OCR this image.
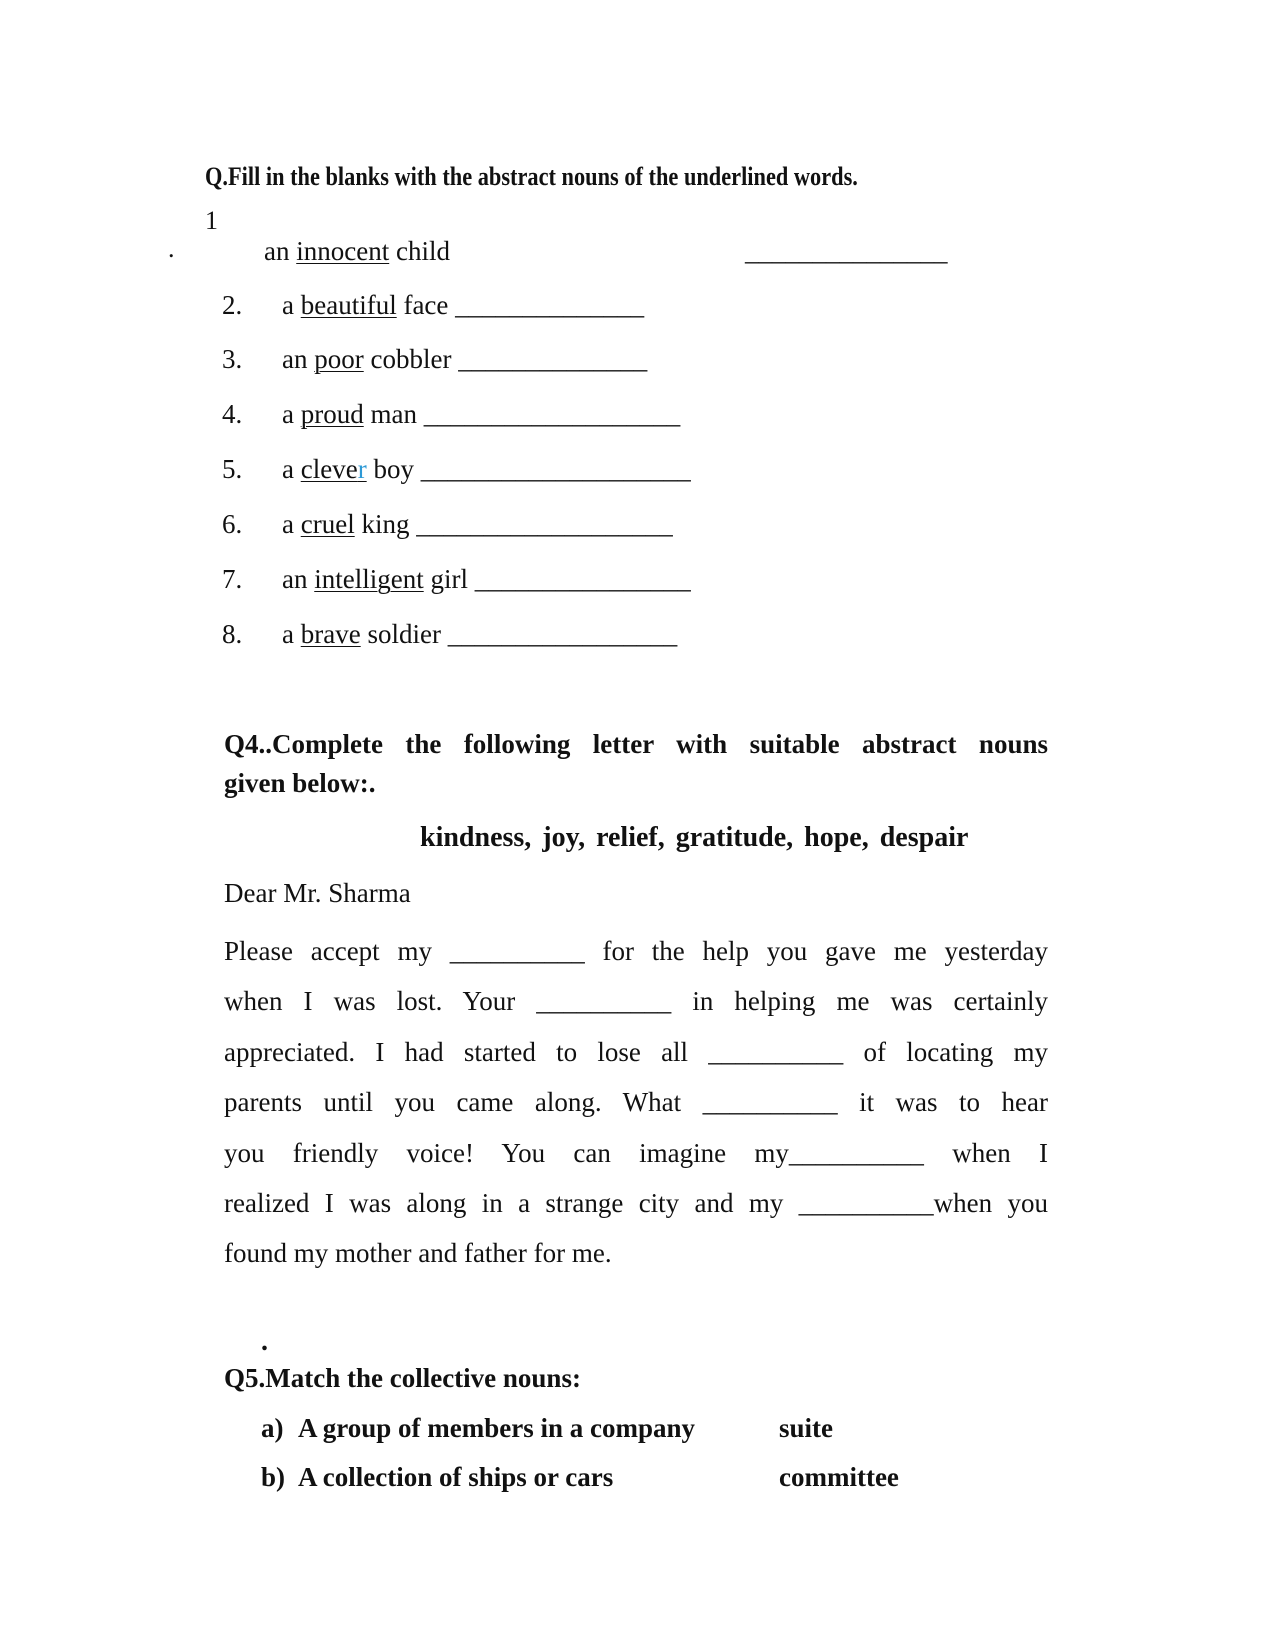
Q.Fill in the blanks with the abstract nouns of the underlined words.
1
.	an innocent child	_______________
2. a beautiful face ______________
3. an poor cobbler ______________
4. a proud man ___________________
5. a clever boy ____________________
6. a cruel king ___________________
7. an intelligent girl ________________
8. a brave soldier _________________
Q4..Complete the following letter with suitable abstract nouns
given below:.
kindness, joy, relief, gratitude, hope, despair
Dear Mr. Sharma
Please accept my __________ for the help you gave me yesterday
when I was lost. Your __________ in helping me was certainly
appreciated. I had started to lose all __________ of locating my
parents until you came along. What __________ it was to hear
you friendly voice! You can imagine my__________ when I
realized I was along in a strange city and my __________when you
found my mother and father for me.
.
Q5.Match the collective nouns:
a) A group of members in a company	suite
b) A collection of ships or cars	committee
